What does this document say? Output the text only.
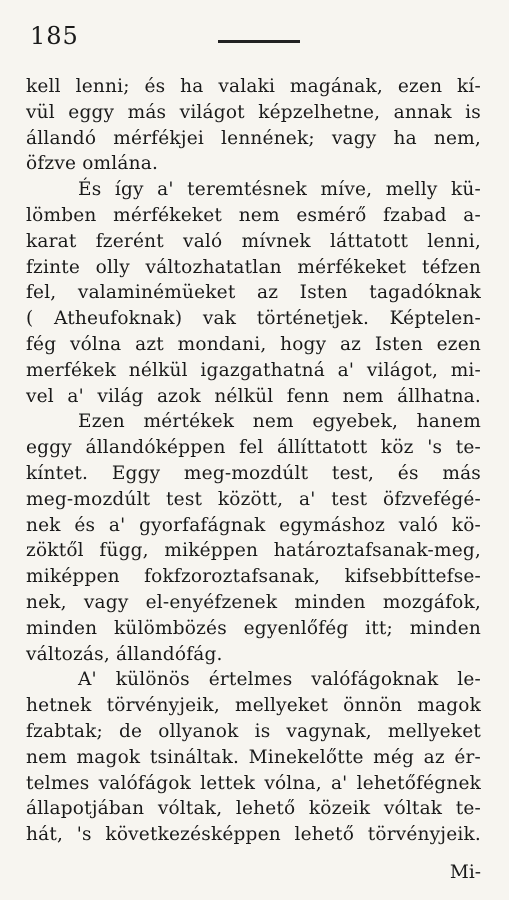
185
kell lenni; és ha valaki magának, ezen kí-
vül eggy más világot képzelhetne, annak is
állandó mérfékjei lennének; vagy ha nem,
öfzve omlána.
És így a' teremtésnek míve, melly kü-
lömben mérfékeket nem esmérő fzabad a-
karat fzerént való mívnek láttatott lenni,
fzinte olly változhatatlan mérfékeket téfzen
fel, valaminémüeket az Isten tagadóknak
( Atheufoknak) vak történetjek. Képtelen-
fég vólna azt mondani, hogy az Isten ezen
merfékek nélkül igazgathatná a' világot, mi-
vel a' világ azok nélkül fenn nem állhatna.
Ezen mértékek nem egyebek, hanem
eggy állandóképpen fel állíttatott köz 's te-
kíntet. Eggy meg-mozdúlt test, és más
meg-mozdúlt test között, a' test öfzvefégé-
nek és a' gyorfafágnak egymáshoz való kö-
zöktől függ, miképpen határoztafsanak-meg,
miképpen fokfzoroztafsanak, kifsebbíttefse-
nek, vagy el-enyéfzenek minden mozgáfok,
minden külömbözés egyenlőfég itt; minden
változás, állandófág.
A' különös értelmes valófágoknak le-
hetnek törvényjeik, mellyeket önnön magok
fzabtak; de ollyanok is vagynak, mellyeket
nem magok tsináltak. Minekelőtte még az ér-
telmes valófágok lettek vólna, a' lehetőfégnek
állapotjában vóltak, lehető közeik vóltak te-
hát, 's következésképpen lehető törvényjeik.
Mi-
